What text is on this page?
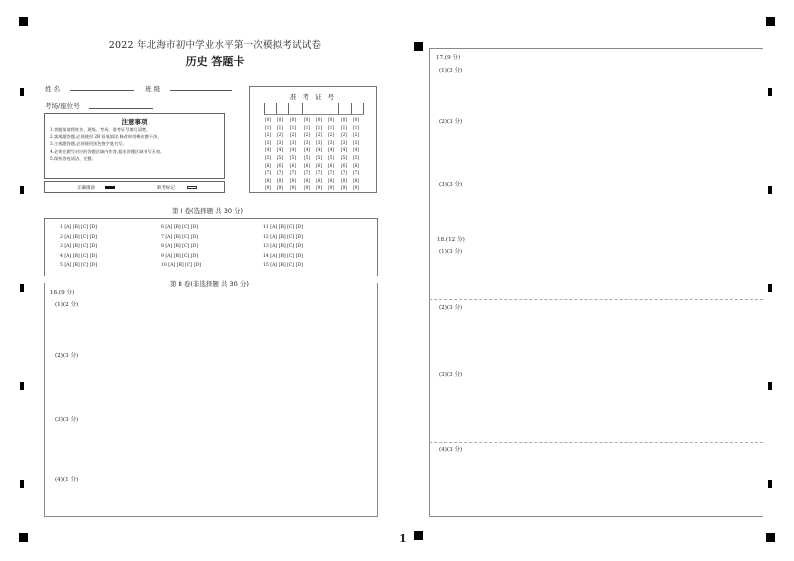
2022 年北海市初中学业水平第一次模拟考试试卷
历史 答题卡
姓 名	班 级
考场/座位号
注意事项
1.答题前请将姓名、班级、考场、准考证号填写清楚。
2.客观题答题,必须使用 2B 铅笔填涂,修改时用橡皮擦干净。
3.主观题答题,必须使用黑色签字笔书写。
4.必须在题号对应的答题区域内作答,超出答题区域书写无效。
5.保持答卷清洁、完整。
正确填涂	缺考标记
准 考 证 号
[0]
[1]
[2]
[3]
[4]
[5]
[6]
[7]
[8]
[9]
[0]
[1]
[2]
[3]
[4]
[5]
[6]
[7]
[8]
[9]
[0]
[1]
[2]
[3]
[4]
[5]
[6]
[7]
[8]
[9]
[0]
[1]
[2]
[3]
[4]
[5]
[6]
[7]
[8]
[9]
[0]
[1]
[2]
[3]
[4]
[5]
[6]
[7]
[8]
[9]
[0]
[1]
[2]
[3]
[4]
[5]
[6]
[7]
[8]
[9]
[0]
[1]
[2]
[3]
[4]
[5]
[6]
[7]
[8]
[9]
[0]
[1]
[2]
[3]
[4]
[5]
[6]
[7]
[8]
[9]
第 Ⅰ 卷(选择题 共 30 分)
1 [A] [B] [C] [D]
2 [A] [B] [C] [D]
3 [A] [B] [C] [D]
4 [A] [B] [C] [D]
5 [A] [B] [C] [D]
6 [A] [B] [C] [D]
7 [A] [B] [C] [D]
8 [A] [B] [C] [D]
9 [A] [B] [C] [D]
10 [A] [B] [C] [D]
11 [A] [B] [C] [D]
12 [A] [B] [C] [D]
13 [A] [B] [C] [D]
14 [A] [B] [C] [D]
15 [A] [B] [C] [D]
第 Ⅱ 卷(非选择题 共 30 分)
16.(9 分)
(1)(2 分)
(2)(3 分)
(3)(3 分)
(4)(1 分)
17.(9 分)
(1)(3 分)
(2)(3 分)
(3)(3 分)
18.(12 分)
(1)(3 分)
(2)(3 分)
(3)(3 分)
(4)(3 分)
1
